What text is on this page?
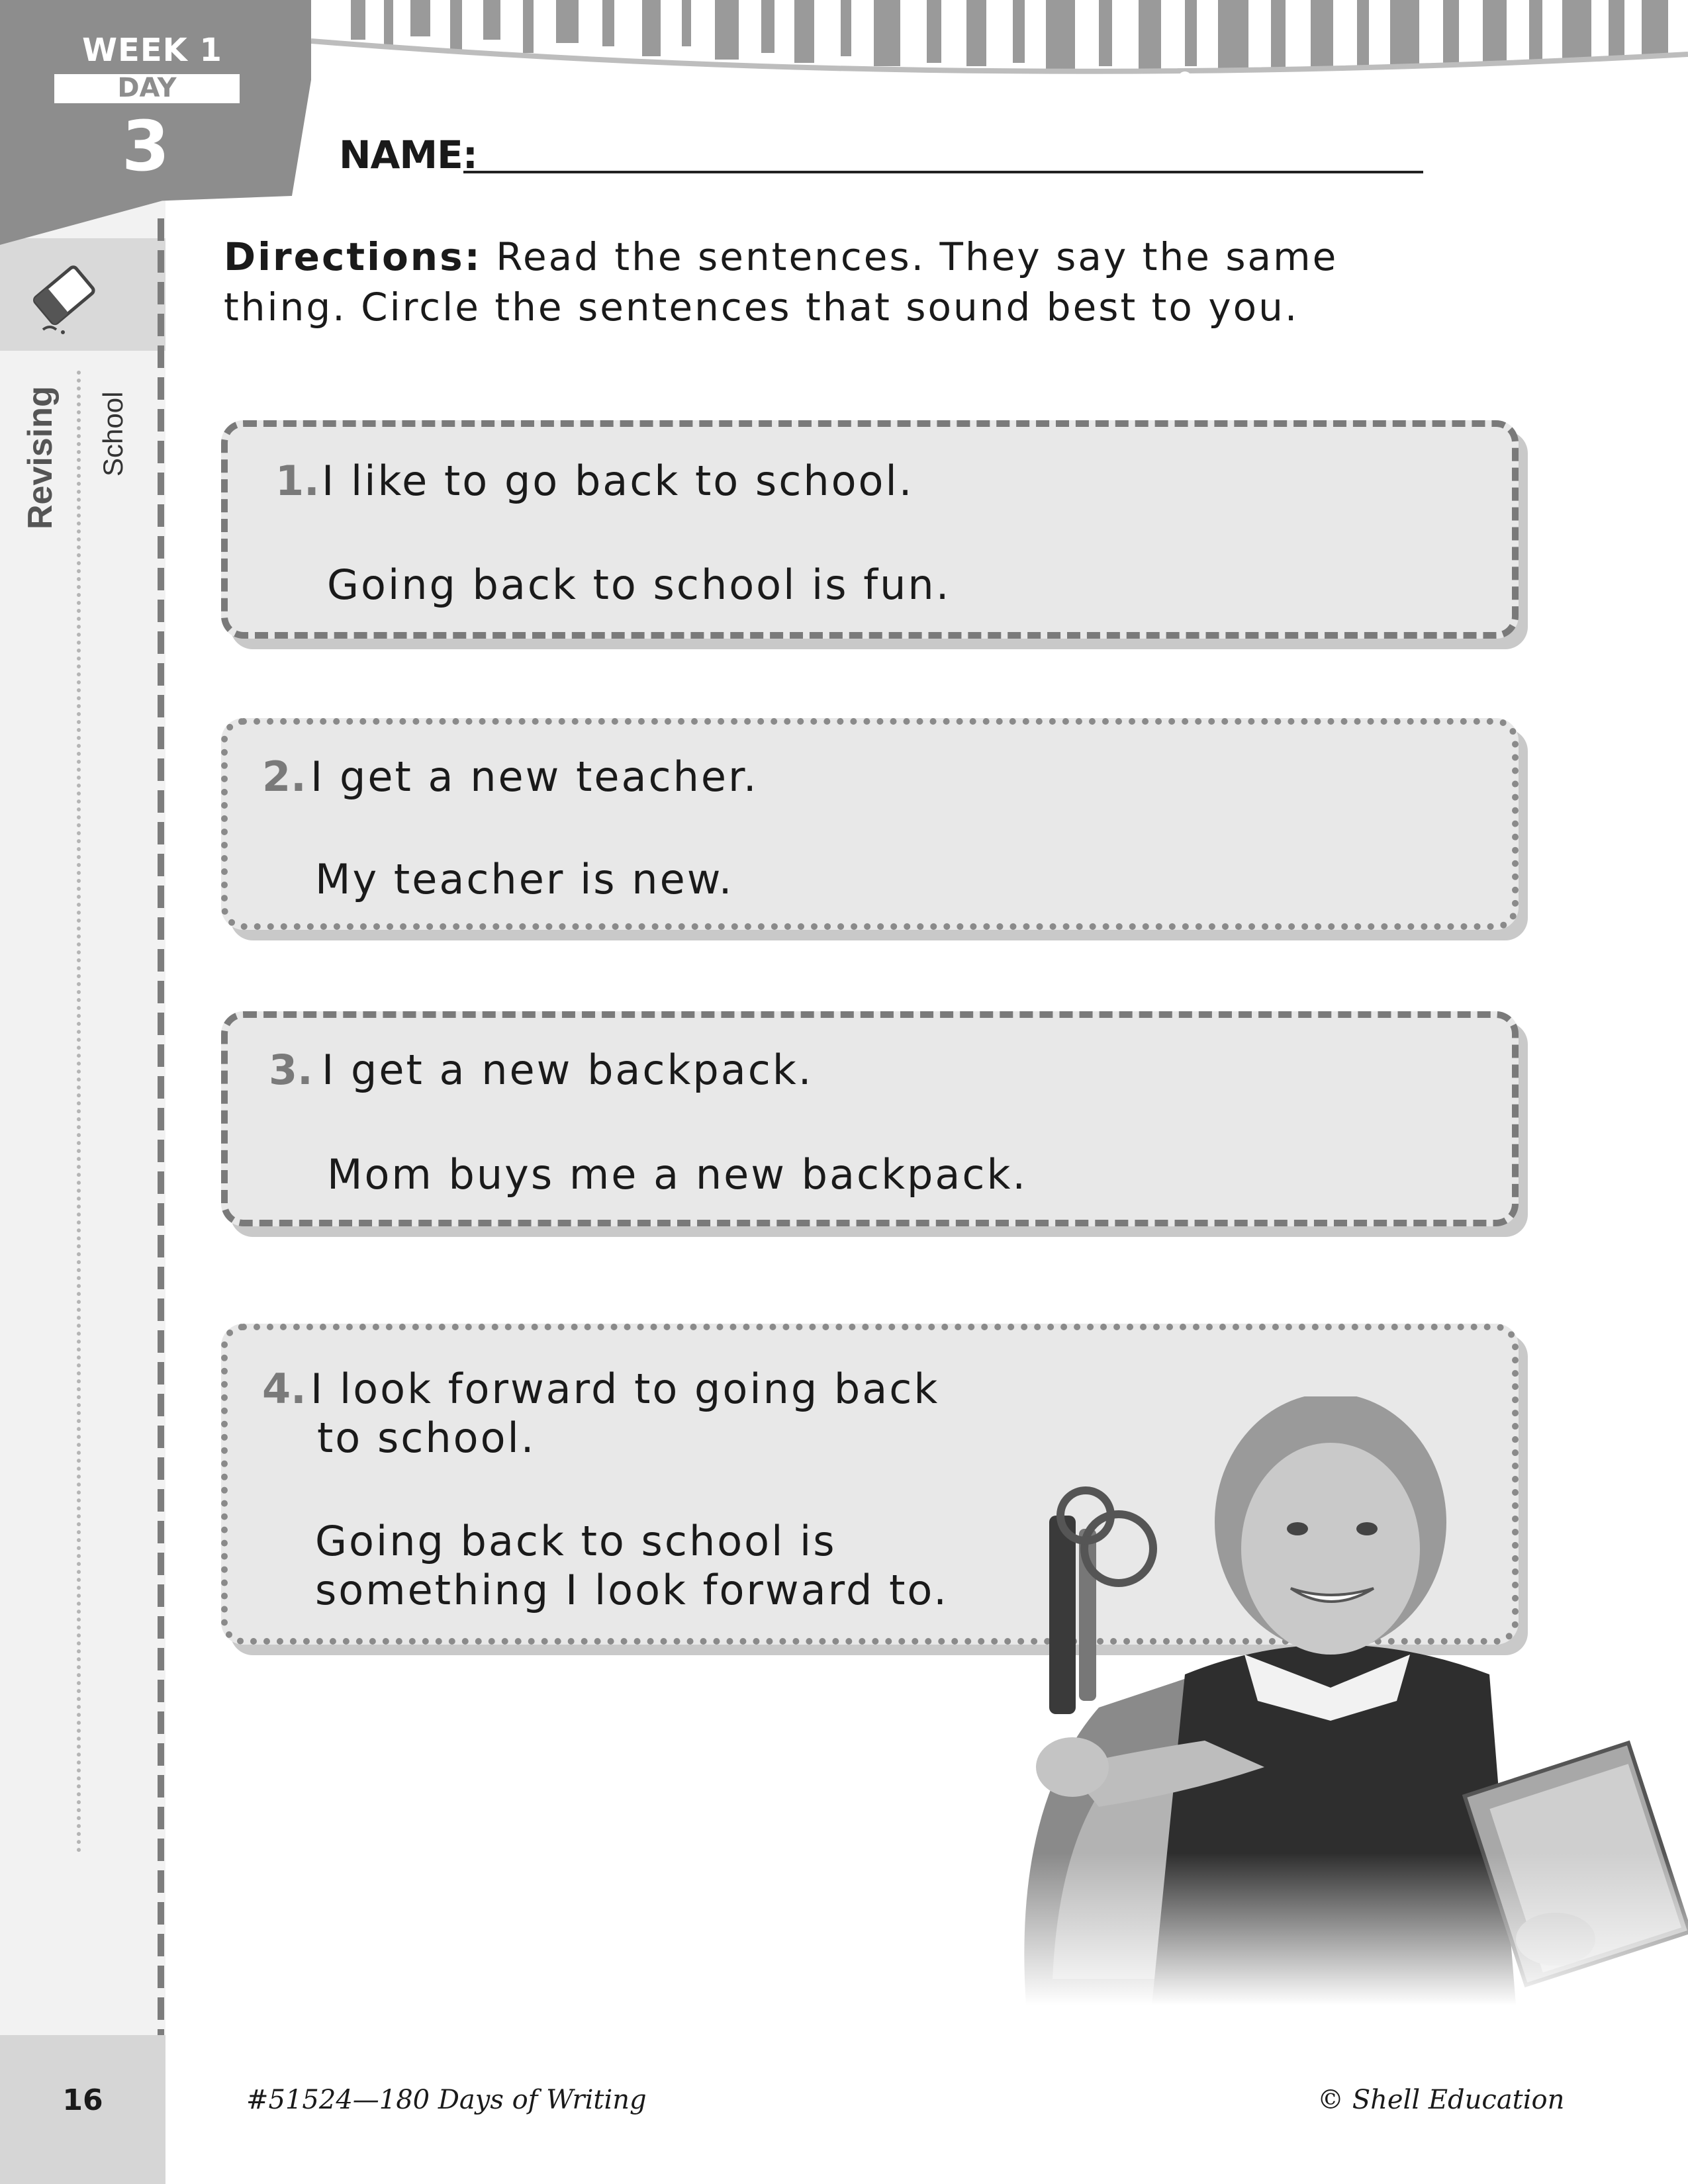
WEEK 1
DAY
3
Revising School
NAME:
Directions: Read the sentences. They say the same
thing. Circle the sentences that sound best to you.
1. I like to go back to school.
Going back to school is fun.
2. I get a new teacher.
My teacher is new.
3. I get a new backpack.
Mom buys me a new backpack.
4. I look forward to going back
to school.
Going back to school is
something I look forward to.
16	#51524—180 Days of Writing	© Shell Education
